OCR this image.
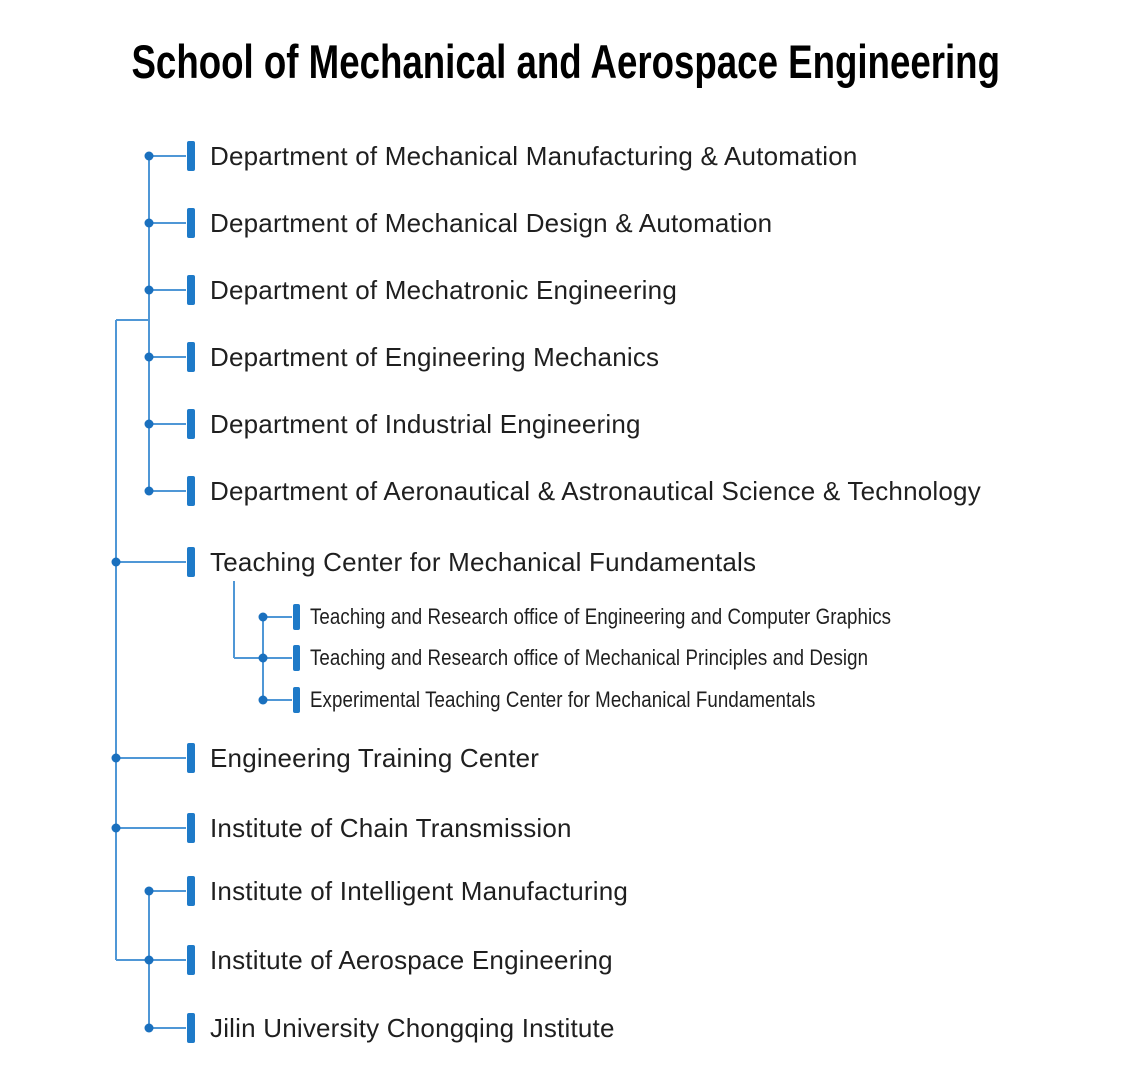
School of Mechanical and Aerospace Engineering
Department of Mechanical Manufacturing & Automation
Department of Mechanical Design & Automation
Department of Mechatronic Engineering
Department of Engineering Mechanics
Department of Industrial Engineering
Department of Aeronautical & Astronautical Science & Technology
Teaching Center for Mechanical Fundamentals
Teaching and Research office of Engineering and Computer Graphics
Teaching and Research office of Mechanical Principles and Design
Experimental Teaching Center for Mechanical Fundamentals
Engineering Training Center
Institute of Chain Transmission
Institute of Intelligent Manufacturing
Institute of Aerospace Engineering
Jilin University Chongqing Institute
